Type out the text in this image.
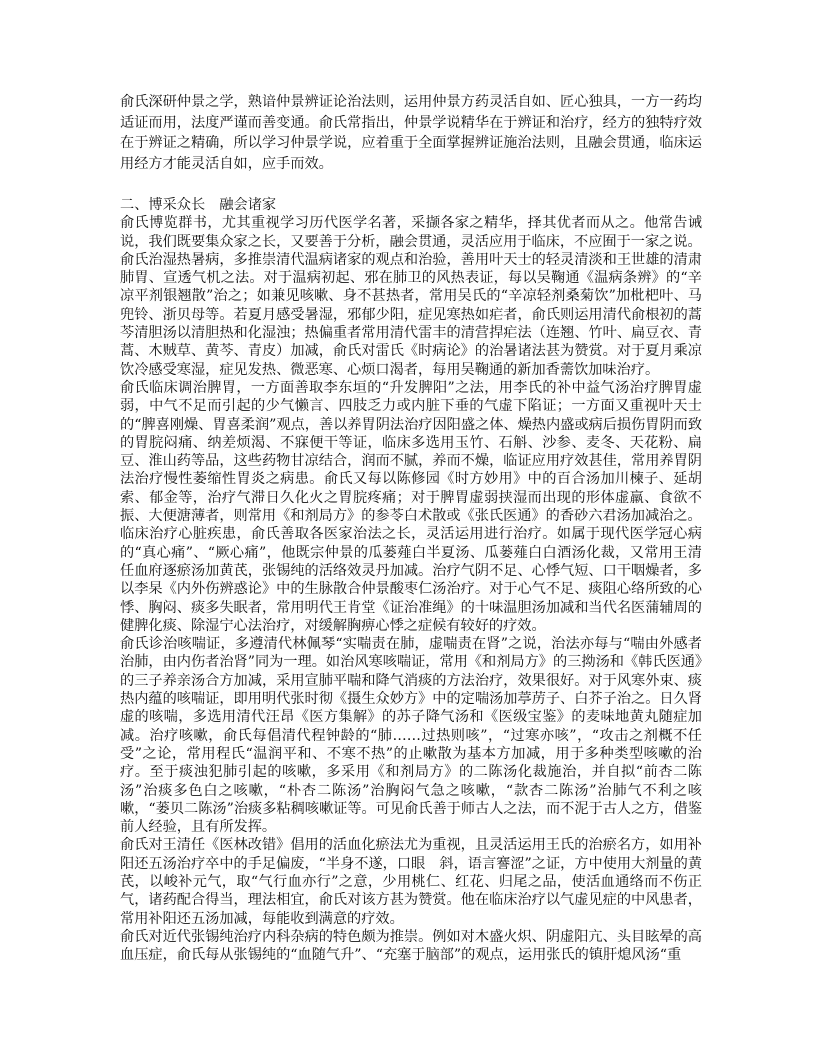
俞氏深研仲景之学，熟谙仲景辨证论治法则，运用仲景方药灵活自如、匠心独具，一方一药均适证而用，法度严谨而善变通。俞氏常指出，仲景学说精华在于辨证和治疗，经方的独特疗效在于辨证之精确，所以学习仲景学说，应着重于全面掌握辨证施治法则，且融会贯通，临床运用经方才能灵活自如，应手而效。

二、博采众长　融会诸家

俞氏博览群书，尤其重视学习历代医学名著，采撷各家之精华，择其优者而从之。他常告诫说，我们既要集众家之长，又要善于分析，融会贯通，灵活应用于临床，不应囿于一家之说。

俞氏治湿热暑病，多推崇清代温病诸家的观点和治验，善用叶天士的轻灵清淡和王世雄的清肃肺胃、宣透气机之法。对于温病初起、邪在肺卫的风热表证，每以吴鞠通《温病条辨》的“辛凉平剂银翘散”治之；如兼见咳嗽、身不甚热者，常用吴氏的“辛凉轻剂桑菊饮”加枇杷叶、马兜铃、浙贝母等。若夏月感受暑湿，邪郁少阳，症见寒热如疟者，俞氏则运用清代俞根初的蒿芩清胆汤以清胆热和化湿浊；热偏重者常用清代雷丰的清营捍疟法（连翘、竹叶、扁豆衣、青蒿、木贼草、黄芩、青皮）加减，俞氏对雷氏《时病论》的治暑诸法甚为赞赏。对于夏月乘凉饮冷感受寒湿，症见发热、微恶寒、心烦口渴者，每用吴鞠通的新加香薷饮加味治疗。

俞氏临床调治脾胃，一方面善取李东垣的“升发脾阳”之法，用李氏的补中益气汤治疗脾胃虚弱，中气不足而引起的少气懒言、四肢乏力或内脏下垂的气虚下陷证；一方面又重视叶天士的“脾喜刚燥、胃喜柔润”观点，善以养胃阴法治疗因阳盛之体、燥热内盛或病后损伤胃阴而致的胃脘闷痛、纳差烦渴、不寐便干等证，临床多选用玉竹、石斛、沙参、麦冬、天花粉、扁豆、淮山药等品，这些药物甘凉结合，润而不腻，养而不燥，临证应用疗效甚佳，常用养胃阴法治疗慢性萎缩性胃炎之病患。俞氏又每以陈修园《时方妙用》中的百合汤加川楝子、延胡索、郁金等，治疗气滞日久化火之胃脘疼痛；对于脾胃虚弱挟湿而出现的形体虚羸、食欲不振、大便溏薄者，则常用《和剂局方》的参苓白术散或《张氏医通》的香砂六君汤加减治之。

临床治疗心脏疾患，俞氏善取各医家治法之长，灵活运用进行治疗。如属于现代医学冠心病的“真心痛”、“厥心痛”，他既宗仲景的瓜蒌薤白半夏汤、瓜蒌薤白白酒汤化裁，又常用王清任血府逐瘀汤加黄芪，张锡纯的活络效灵丹加减。治疗气阴不足、心悸气短、口干咽燥者，多以李杲《内外伤辨惑论》中的生脉散合仲景酸枣仁汤治疗。对于心气不足、痰阻心络所致的心悸、胸闷、痰多失眠者，常用明代王肯堂《证治准绳》的十味温胆汤加减和当代名医蒲辅周的健脾化痰、除湿宁心法治疗，对缓解胸痹心悸之症候有较好的疗效。

俞氏诊治咳喘证，多遵清代林佩琴“实喘责在肺，虚喘责在肾”之说，治法亦每与“喘由外感者治肺，由内伤者治肾”同为一理。如治风寒咳喘证，常用《和剂局方》的三拗汤和《韩氏医通》的三子养亲汤合方加减，采用宣肺平喘和降气消痰的方法治疗，效果很好。对于风寒外束、痰热内蕴的咳喘证，即用明代张时彻《摄生众妙方》中的定喘汤加葶苈子、白芥子治之。日久肾虚的咳喘，多选用清代汪昂《医方集解》的苏子降气汤和《医级宝鉴》的麦味地黄丸随症加减。治疗咳嗽，俞氏每倡清代程钟龄的“肺……过热则咳”，“过寒亦咳”，“攻击之剂概不任受”之论，常用程氏“温润平和、不寒不热”的止嗽散为基本方加减，用于多种类型咳嗽的治疗。至于痰浊犯肺引起的咳嗽，多采用《和剂局方》的二陈汤化裁施治，并自拟“前杏二陈汤”治痰多色白之咳嗽，“朴杏二陈汤”治胸闷气急之咳嗽，“款杏二陈汤”治肺气不利之咳嗽，“蒌贝二陈汤”治痰多粘稠咳嗽证等。可见俞氏善于师古人之法，而不泥于古人之方，借鉴前人经验，且有所发挥。

俞氏对王清任《医林改错》倡用的活血化瘀法尤为重视，且灵活运用王氏的治瘀名方，如用补阳还五汤治疗卒中的手足偏废，“半身不遂，口眼　斜，语言謇涩”之证，方中使用大剂量的黄芪，以峻补元气，取“气行血亦行”之意，少用桃仁、红花、归尾之品，使活血通络而不伤正气，诸药配合得当，理法相宜，俞氏对该方甚为赞赏。他在临床治疗以气虚见症的中风患者，常用补阳还五汤加减，每能收到满意的疗效。

俞氏对近代张锡纯治疗内科杂病的特色颇为推崇。例如对木盛火炽、阴虚阳亢、头目眩晕的高血压症，俞氏每从张锡纯的“血随气升”、“充塞于脑部”的观点，运用张氏的镇肝熄风汤“重
